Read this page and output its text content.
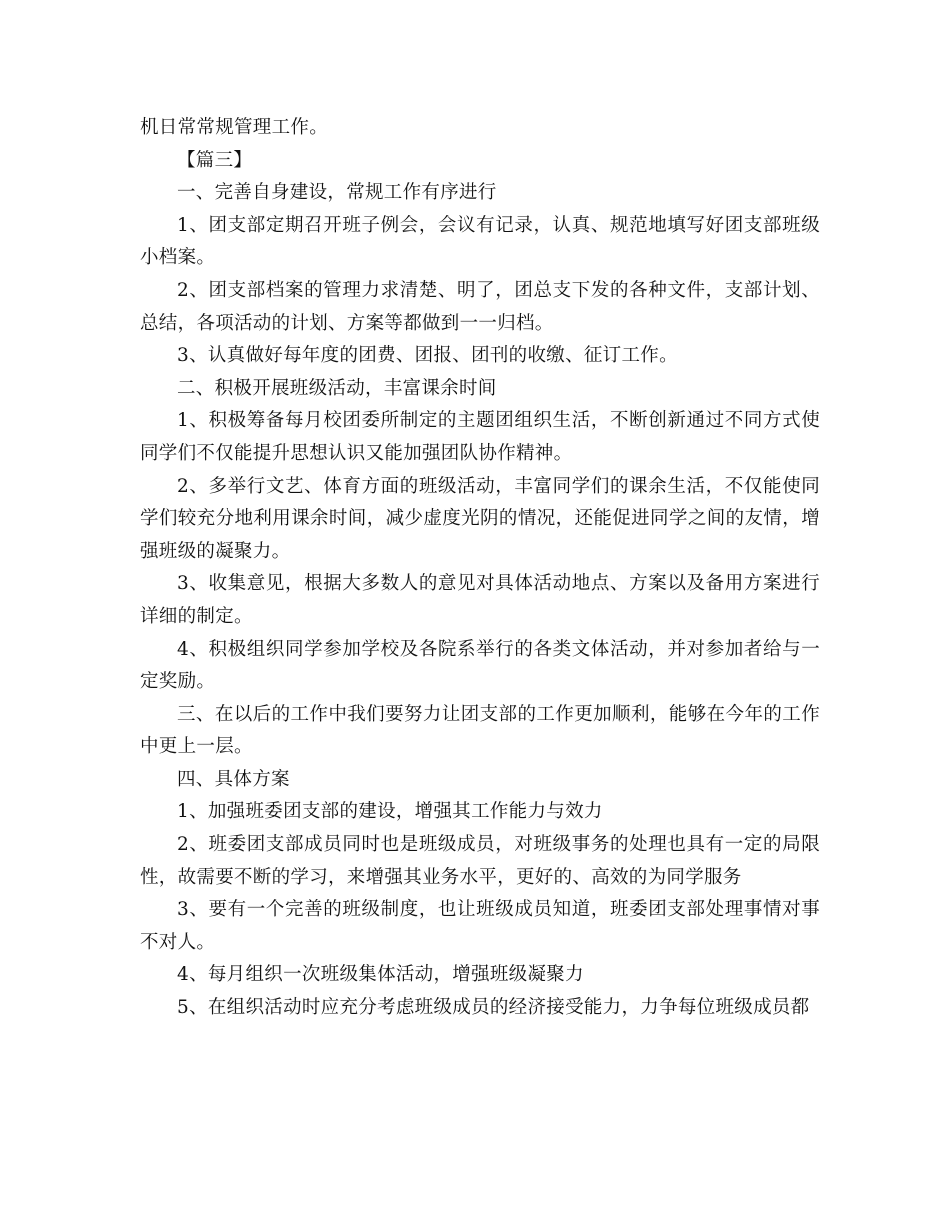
机日常常规管理工作。

【篇三】

一、完善自身建设，常规工作有序进行

1、团支部定期召开班子例会，会议有记录，认真、规范地填写好团支部班级小档案。

2、团支部档案的管理力求清楚、明了，团总支下发的各种文件，支部计划、总结，各项活动的计划、方案等都做到一一归档。

3、认真做好每年度的团费、团报、团刊的收缴、征订工作。

二、积极开展班级活动，丰富课余时间

1、积极筹备每月校团委所制定的主题团组织生活，不断创新通过不同方式使同学们不仅能提升思想认识又能加强团队协作精神。

2、多举行文艺、体育方面的班级活动，丰富同学们的课余生活，不仅能使同学们较充分地利用课余时间，减少虚度光阴的情况，还能促进同学之间的友情，增强班级的凝聚力。

3、收集意见，根据大多数人的意见对具体活动地点、方案以及备用方案进行详细的制定。

4、积极组织同学参加学校及各院系举行的各类文体活动，并对参加者给与一定奖励。

三、在以后的工作中我们要努力让团支部的工作更加顺利，能够在今年的工作中更上一层。

四、具体方案

1、加强班委团支部的建设，增强其工作能力与效力

2、班委团支部成员同时也是班级成员，对班级事务的处理也具有一定的局限性，故需要不断的学习，来增强其业务水平，更好的、高效的为同学服务

3、要有一个完善的班级制度，也让班级成员知道，班委团支部处理事情对事不对人。

4、每月组织一次班级集体活动，增强班级凝聚力

5、在组织活动时应充分考虑班级成员的经济接受能力，力争每位班级成员都
